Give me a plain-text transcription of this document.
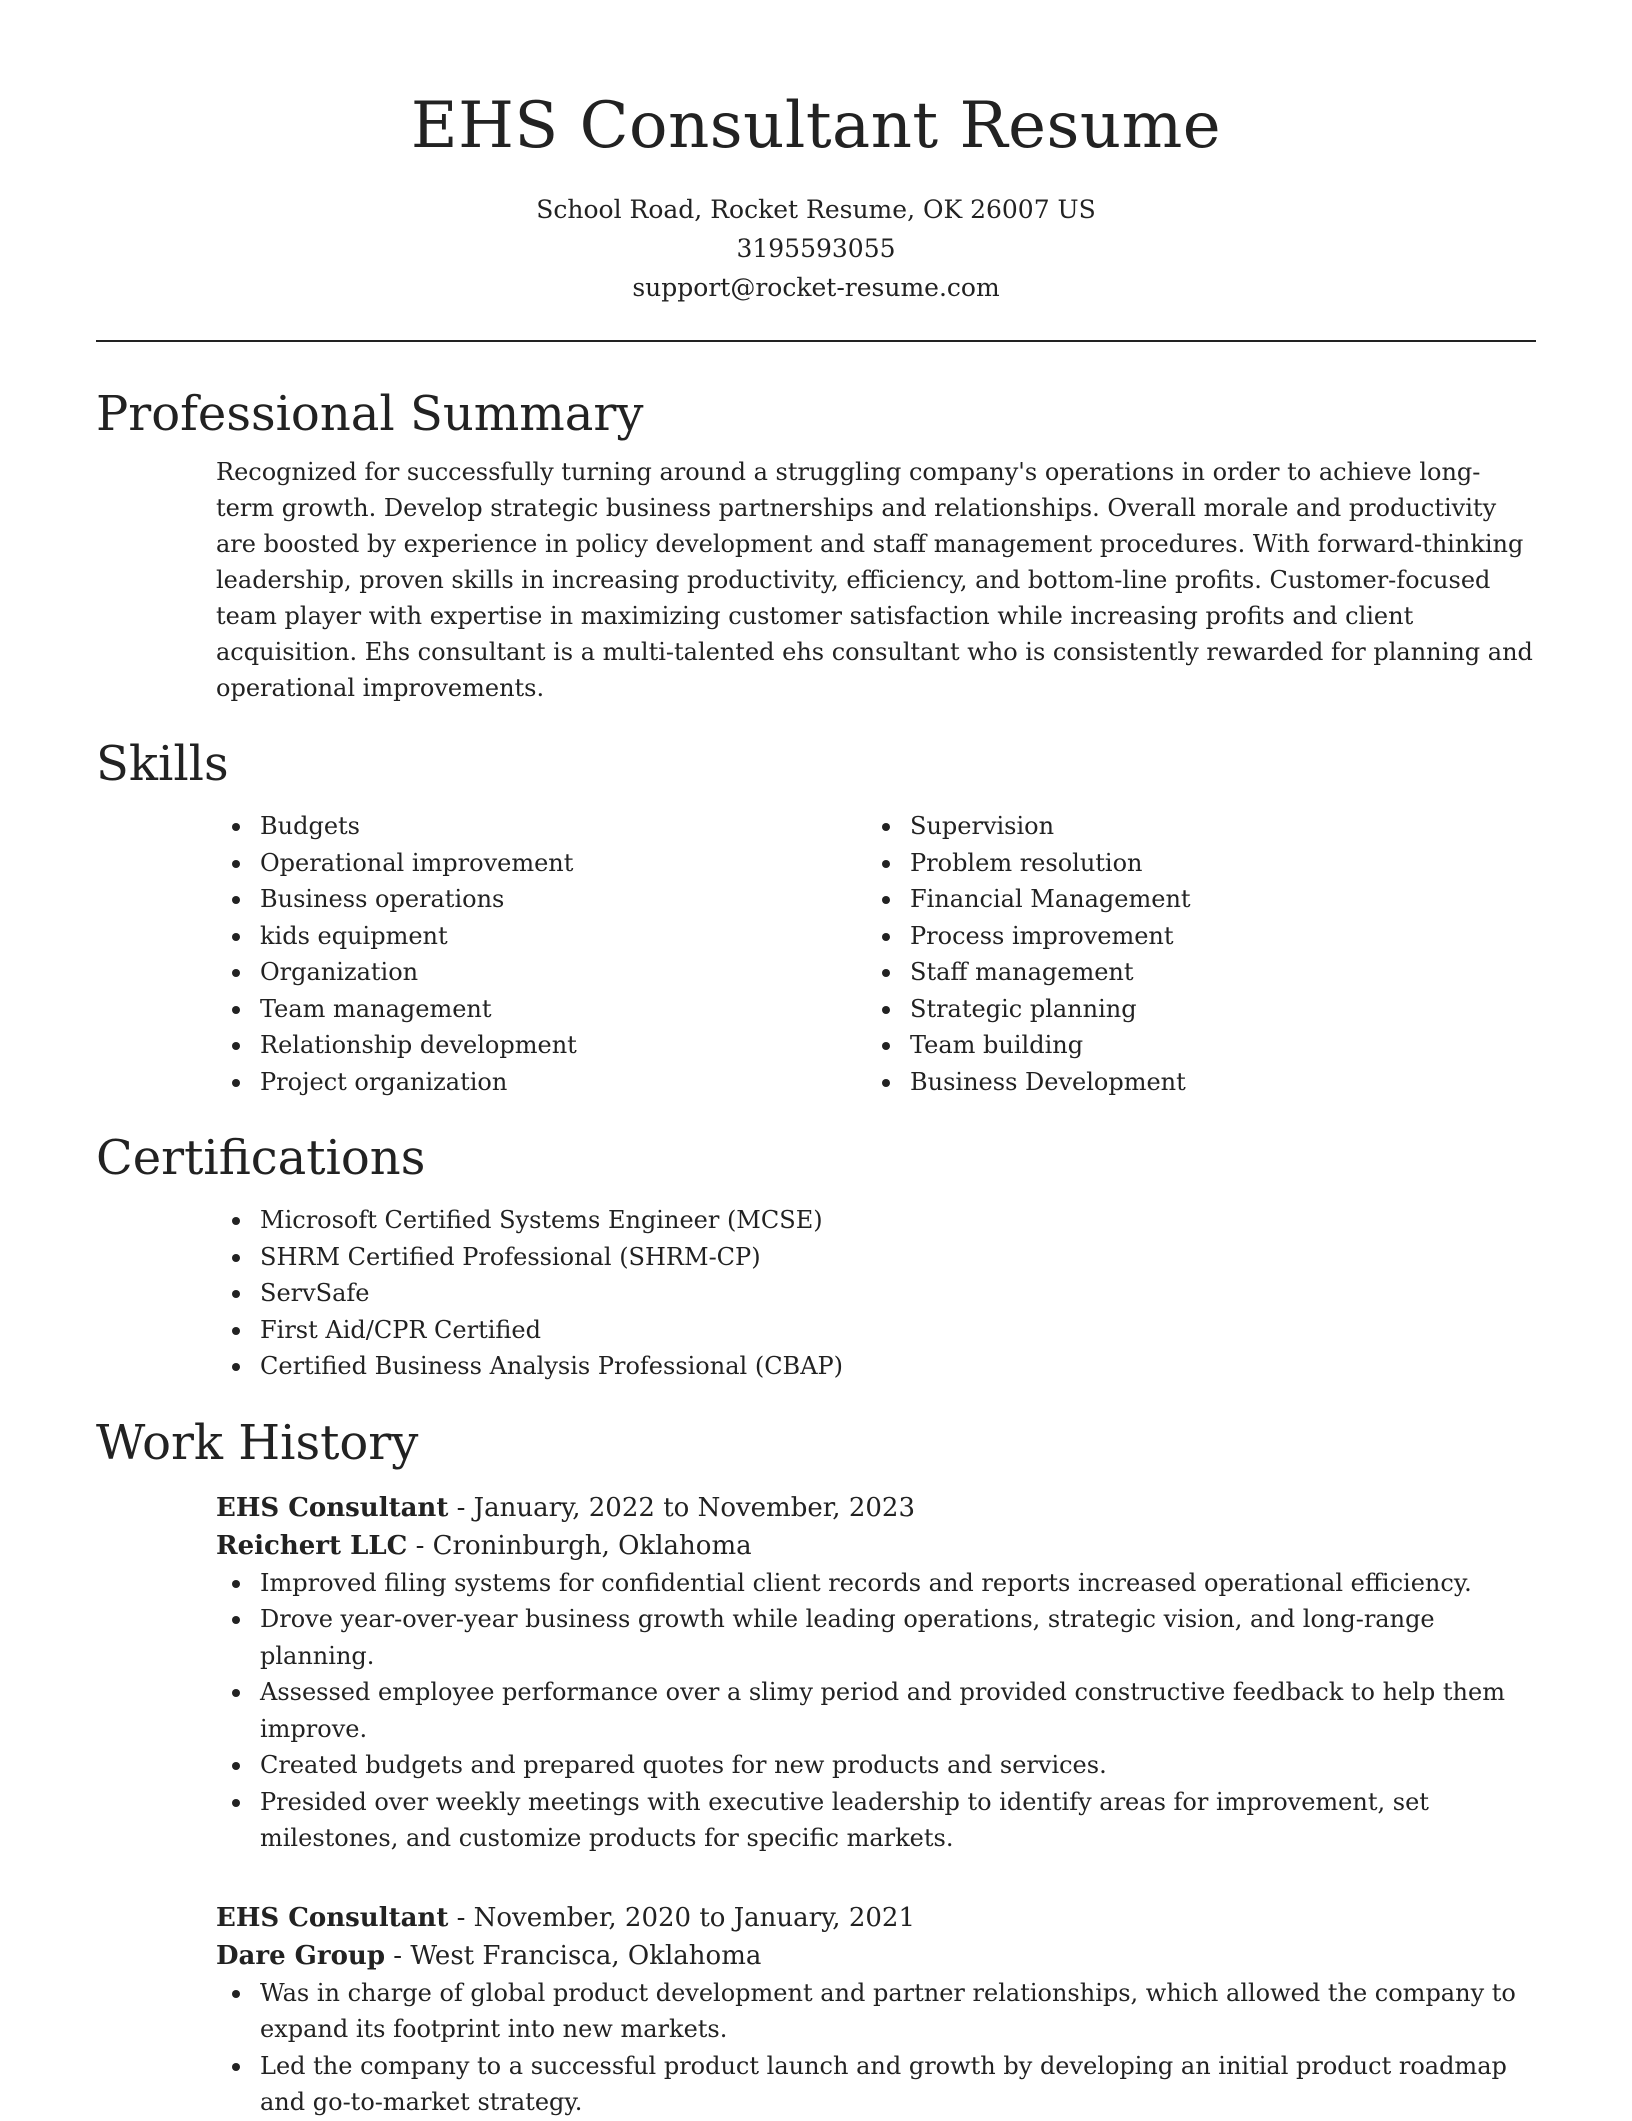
EHS Consultant Resume
School Road, Rocket Resume, OK 26007 US
3195593055
support@rocket-resume.com
Professional Summary
Recognized for successfully turning around a struggling company's operations in order to achieve long-term growth. Develop strategic business partnerships and relationships. Overall morale and productivity are boosted by experience in policy development and staff management procedures. With forward-thinking leadership, proven skills in increasing productivity, efficiency, and bottom-line profits. Customer-focused team player with expertise in maximizing customer satisfaction while increasing profits and client acquisition. Ehs consultant is a multi-talented ehs consultant who is consistently rewarded for planning and operational improvements.
Skills
Budgets
Operational improvement
Business operations
kids equipment
Organization
Team management
Relationship development
Project organization
Supervision
Problem resolution
Financial Management
Process improvement
Staff management
Strategic planning
Team building
Business Development
Certifications
Microsoft Certified Systems Engineer (MCSE)
SHRM Certified Professional (SHRM-CP)
ServSafe
First Aid/CPR Certified
Certified Business Analysis Professional (CBAP)
Work History
EHS Consultant - January, 2022 to November, 2023
Reichert LLC - Croninburgh, Oklahoma
Improved filing systems for confidential client records and reports increased operational efficiency.
Drove year-over-year business growth while leading operations, strategic vision, and long-range planning.
Assessed employee performance over a slimy period and provided constructive feedback to help them improve.
Created budgets and prepared quotes for new products and services.
Presided over weekly meetings with executive leadership to identify areas for improvement, set milestones, and customize products for specific markets.
EHS Consultant - November, 2020 to January, 2021
Dare Group - West Francisca, Oklahoma
Was in charge of global product development and partner relationships, which allowed the company to expand its footprint into new markets.
Led the company to a successful product launch and growth by developing an initial product roadmap and go-to-market strategy.
